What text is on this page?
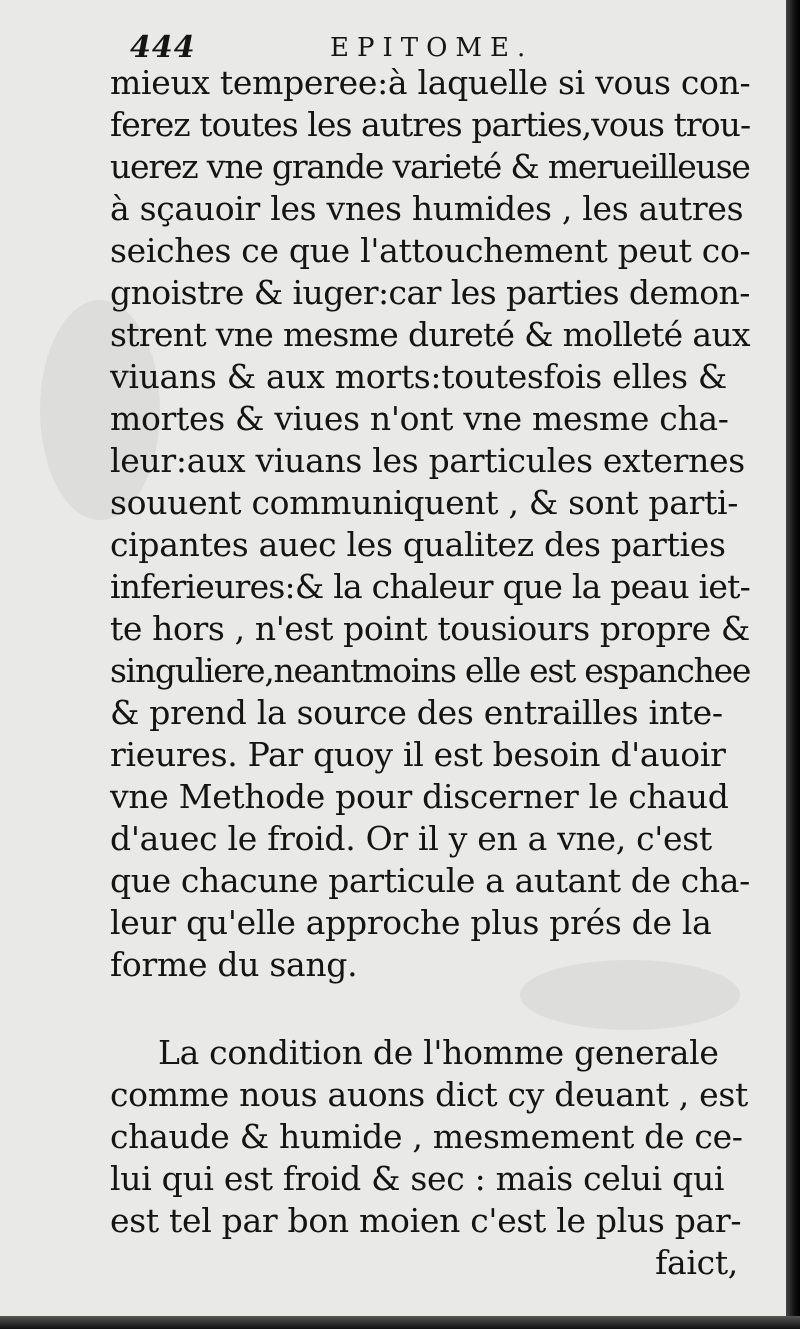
444	EPITOME.
mieux temperee:à laquelle si vous con-
ferez toutes les autres parties,vous trou-
uerez vne grande varieté & merueilleuse
à sçauoir les vnes humides , les autres
seiches ce que l'attouchement peut co-
gnoistre & iuger:car les parties demon-
strent vne mesme dureté & molleté aux
viuans & aux morts:toutesfois elles &
mortes & viues n'ont vne mesme cha-
leur:aux viuans les particules externes
souuent communiquent , & sont parti-
cipantes auec les qualitez des parties
inferieures:& la chaleur que la peau iet-
te hors , n'est point tousiours propre &
singuliere,neantmoins elle est espanchee
& prend la source des entrailles inte-
rieures. Par quoy il est besoin d'auoir
vne Methode pour discerner le chaud
d'auec le froid. Or il y en a vne, c'est
que chacune particule a autant de cha-
leur qu'elle approche plus prés de la
forme du sang.
La condition de l'homme generale
comme nous auons dict cy deuant , est
chaude & humide , mesmement de ce-
lui qui est froid & sec : mais celui qui
est tel par bon moien c'est le plus par-
faict,
